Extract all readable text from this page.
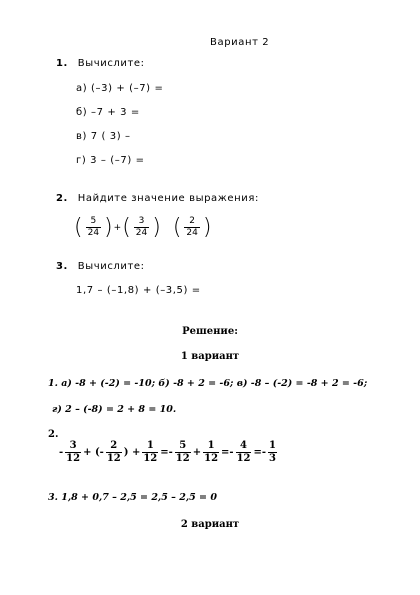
Вариант 2
1. Вычислите:
а) (–3) + (–7) =
б) –7 + 3 =
в) 7 ( 3) –
г) 3 – (–7) =
2. Найдите значение выражения:
( $\frac{5}{24}$ ) + ( $\frac{3}{24}$ ) ( $\frac{2}{24}$ )
3. Вычислите:
1,7 – (–1,8) + (–3,5) =
Решение:
1 вариант
1. а) -8 + (-2) = -10; б) -8 + 2 = -6; в) -8 – (-2) = -8 + 2 = -6;
г) 2 – (-8) = 2 + 8 = 10.
2.
- $\frac{3}{12}$ + (- $\frac{2}{12}$ ) + $\frac{1}{12} =- \frac{5}{12} + \frac{1}{12} =- \frac{4}{12} =- \frac{1}{3}$
3. 1,8 + 0,7 – 2,5 = 2,5 – 2,5 = 0
2 вариант
